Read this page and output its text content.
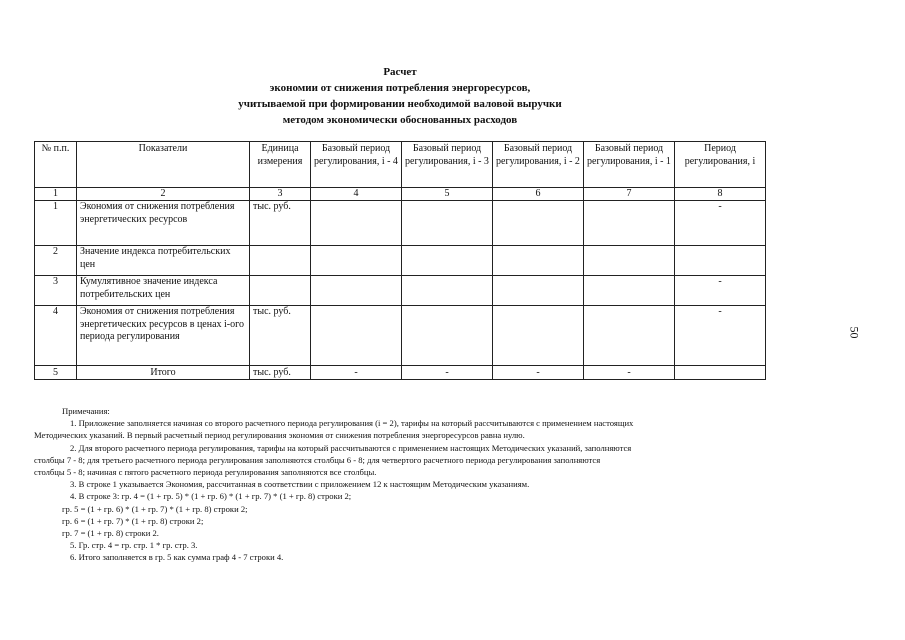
Расчет
экономии от снижения потребления энергоресурсов,
учитываемой при формировании необходимой валовой выручки
методом экономически обоснованных расходов
№ п.п.	Показатели	Единица измерения	Базовый период регулирования, i - 4	Базовый период регулирования, i - 3	Базовый период регулирования, i - 2	Базовый период регулирования, i - 1	Период регулирования, i
1	2	3	4	5	6	7	8
1	Экономия от снижения потребления энергетических ресурсов	тыс. руб.					-
2	Значение индекса потребительских цен						
3	Кумулятивное значение индекса потребительских цен						-
4	Экономия от снижения потребления энергетических ресурсов в ценах i-ого периода регулирования	тыс. руб.					-
5	Итого	тыс. руб.	-	-	-	-	
Примечания:
1. Приложение заполняется начиная со второго расчетного периода регулирования (i = 2), тарифы на который рассчитываются с применением настоящих
Методических указаний. В первый расчетный период регулирования экономия от снижения потребления энергоресурсов равна нулю.
2. Для второго расчетного периода регулирования, тарифы на который рассчитываются с применением настоящих Методических указаний, заполняются
столбцы 7 - 8; для третьего расчетного периода регулирования заполняются столбцы 6 - 8; для четвертого расчетного периода регулирования заполняются
столбцы 5 - 8; начиная с пятого расчетного периода регулирования заполняются все столбцы.
3. В строке 1 указывается Экономия, рассчитанная в соответствии с приложением 12 к настоящим Методическим указаниям.
4. В строке 3: гр. 4 = (1 + гр. 5) * (1 + гр. 6) * (1 + гр. 7) * (1 + гр. 8) строки 2;
гр. 5 = (1 + гр. 6) * (1 + гр. 7) * (1 + гр. 8) строки 2;
гр. 6 = (1 + гр. 7) * (1 + гр. 8) строки 2;
гр. 7 = (1 + гр. 8) строки 2.
5. Гр. стр. 4 = гр. стр. 1 * гр. стр. 3.
6. Итого заполняется в гр. 5 как сумма граф 4 - 7 строки 4.
50
